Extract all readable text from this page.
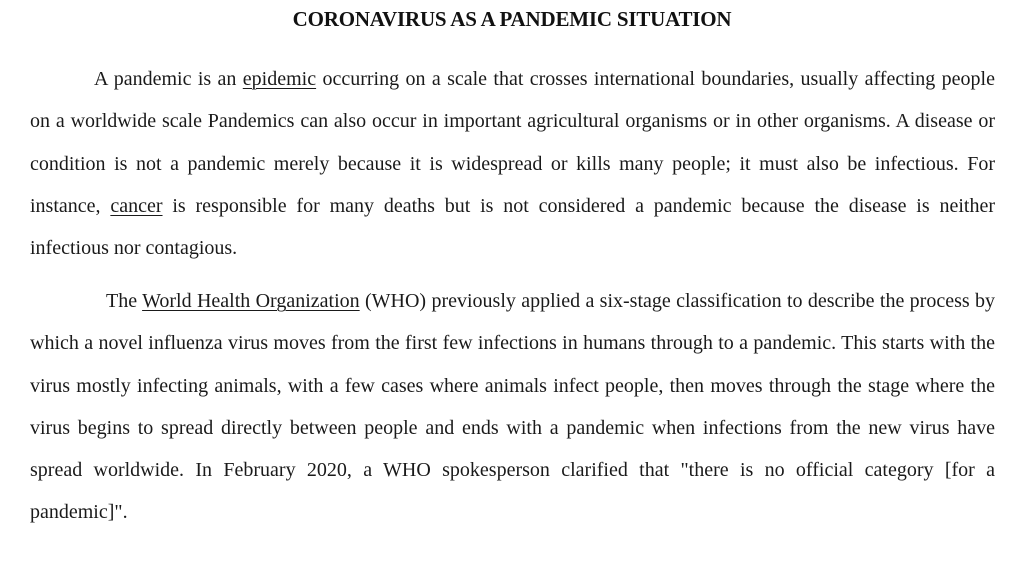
CORONAVIRUS AS A PANDEMIC SITUATION

A pandemic is an epidemic occurring on a scale that crosses international boundaries, usually affecting people on a worldwide scale Pandemics can also occur in important agricultural organisms or in other organisms. A disease or condition is not a pandemic merely because it is widespread or kills many people; it must also be infectious. For instance, cancer is responsible for many deaths but is not considered a pandemic because the disease is neither infectious nor contagious.

The World Health Organization (WHO) previously applied a six-stage classification to describe the process by which a novel influenza virus moves from the first few infections in humans through to a pandemic. This starts with the virus mostly infecting animals, with a few cases where animals infect people, then moves through the stage where the virus begins to spread directly between people and ends with a pandemic when infections from the new virus have spread worldwide. In February 2020, a WHO spokesperson clarified that "there is no official category [for a pandemic]".
